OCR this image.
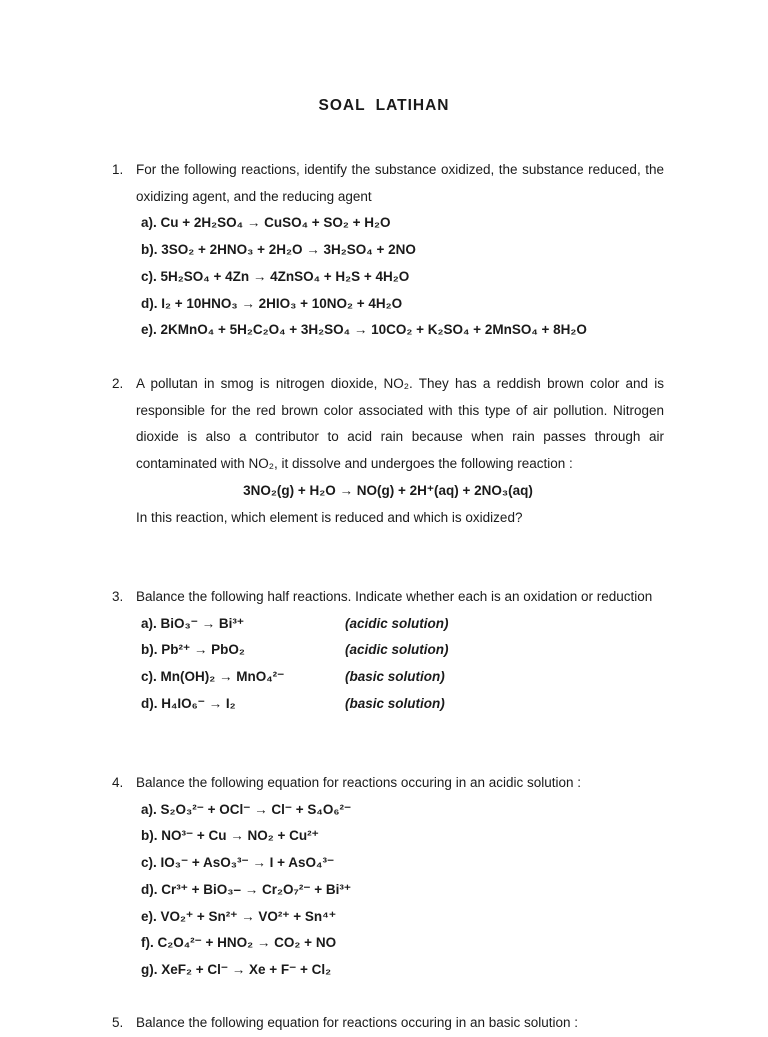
SOAL LATIHAN
1. For the following reactions, identify the substance oxidized, the substance reduced, the oxidizing agent, and the reducing agent

a). Cu + 2H₂SO₄ → CuSO₄ + SO₂ + H₂O
b). 3SO₂ + 2HNO₃ + 2H₂O → 3H₂SO₄ + 2NO
c). 5H₂SO₄ + 4Zn → 4ZnSO₄ + H₂S + 4H₂O
d). I₂ + 10HNO₃ → 2HIO₃ + 10NO₂ + 4H₂O
e). 2KMnO₄ + 5H₂C₂O₄ + 3H₂SO₄ → 10CO₂ + K₂SO₄ + 2MnSO₄ + 8H₂O
2. A pollutan in smog is nitrogen dioxide, NO₂. They has a reddish brown color and is responsible for the red brown color associated with this type of air pollution. Nitrogen dioxide is also a contributor to acid rain because when rain passes through air contaminated with NO₂, it dissolve and undergoes the following reaction :

3NO₂(g) + H₂O → NO(g) + 2H⁺(aq) + 2NO₃(aq)

In this reaction, which element is reduced and which is oxidized?

3. Balance the following half reactions. Indicate whether each is an oxidation or reduction

a). BiO₃⁻ → Bi³⁺	(acidic solution)
b). Pb²⁺ → PbO₂	(acidic solution)
c). Mn(OH)₂ → MnO₄²⁻	(basic solution)
d). H₄IO₆⁻ → I₂	(basic solution)
4. Balance the following equation for reactions occuring in an acidic solution :

a). S₂O₃²⁻ + OCl⁻ → Cl⁻ + S₄O₆²⁻
b). NO³⁻ + Cu → NO₂ + Cu²⁺
c). IO₃⁻ + AsO₃³⁻ → I + AsO₄³⁻
d). Cr³⁺ + BiO₃– → Cr₂O₇²⁻ + Bi³⁺
e). VO₂⁺ + Sn²⁺ → VO²⁺ + Sn⁴⁺
f). C₂O₄²⁻ + HNO₂ → CO₂ + NO
g). XeF₂ + Cl⁻ → Xe + F⁻ + Cl₂
5. Balance the following equation for reactions occuring in an basic solution :
